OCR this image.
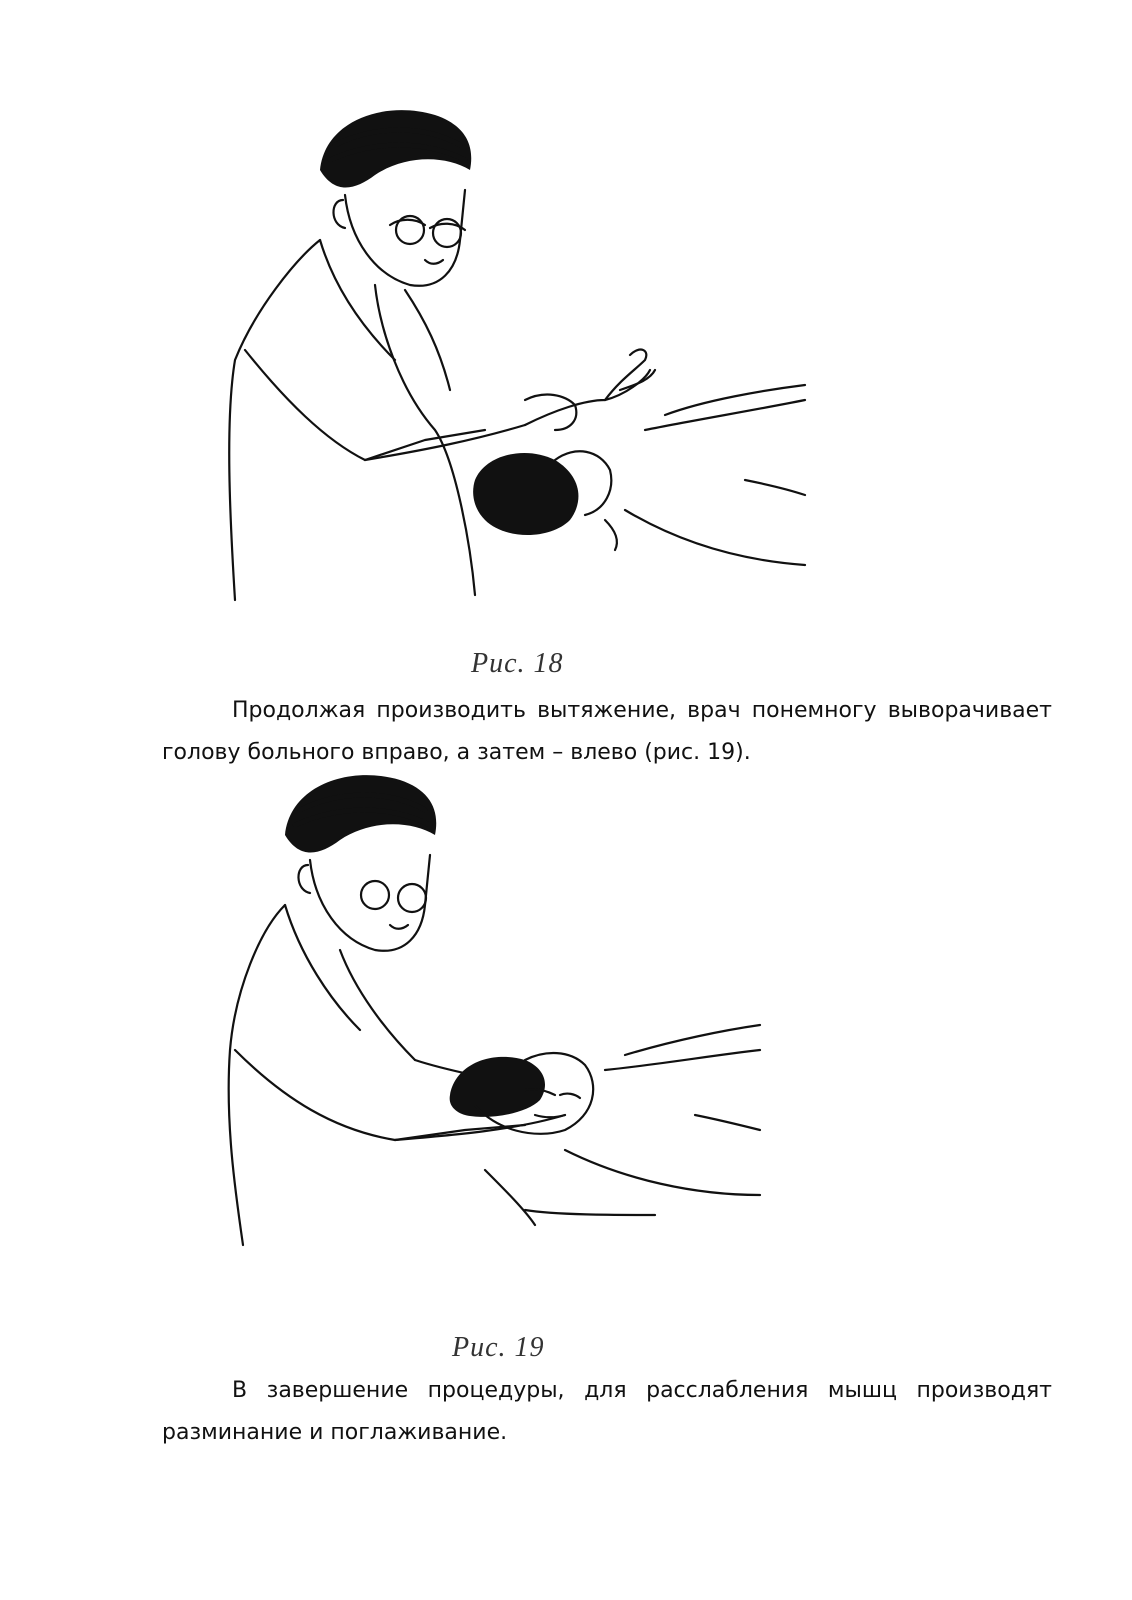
Рис. 18

Продолжая производить вытяжение, врач понемногу выворачивает голову больного вправо, а затем – влево (рис. 19).

Рис. 19

В завершение процедуры, для расслабления мышц производят разминание и поглаживание.
